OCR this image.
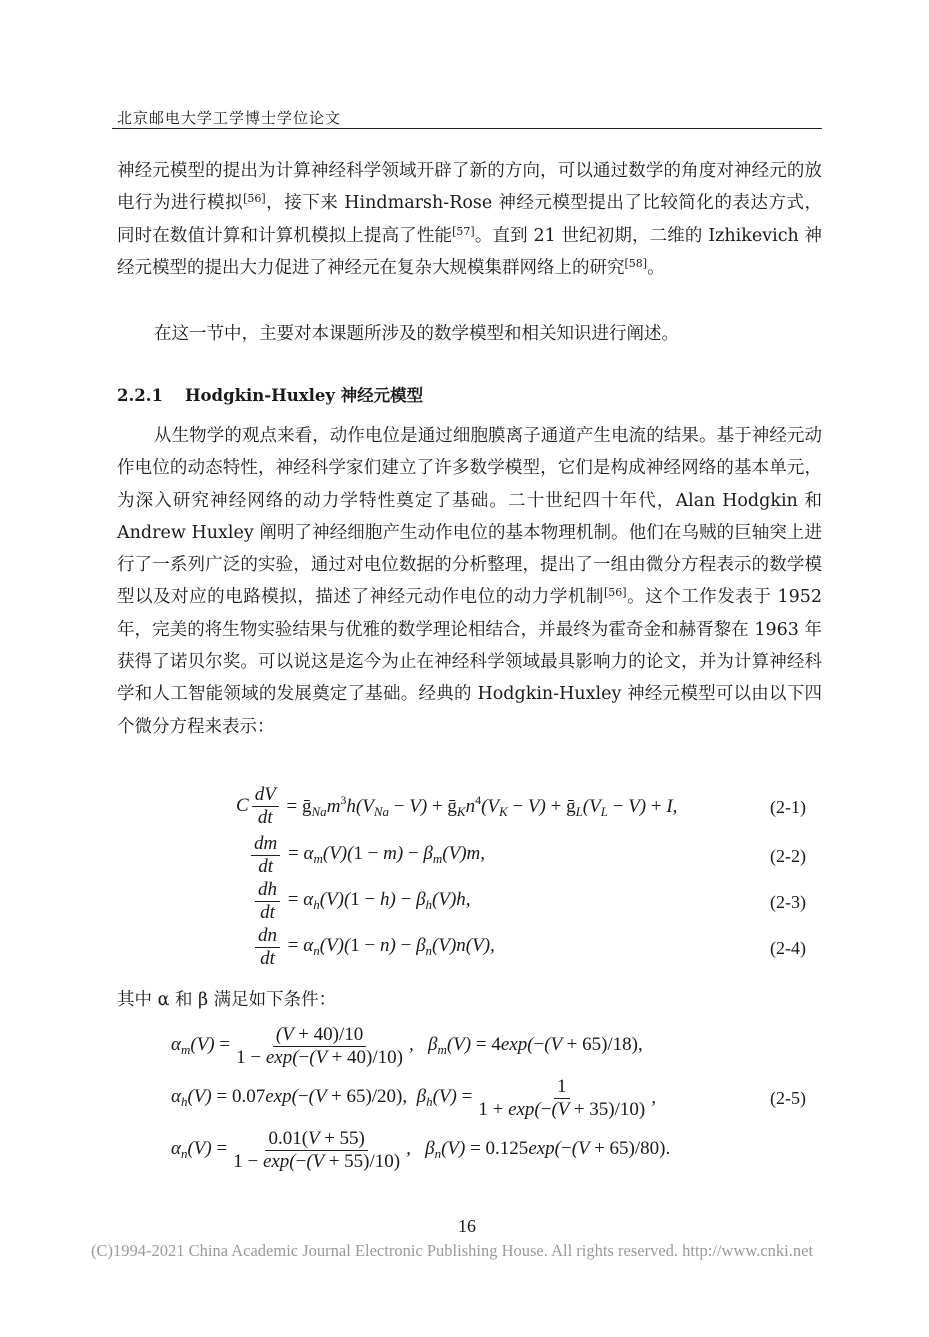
北京邮电大学工学博士学位论文

神经元模型的提出为计算神经科学领域开辟了新的方向，可以通过数学的角度对神经元的放电行为进行模拟[56]，接下来 Hindmarsh-Rose 神经元模型提出了比较简化的表达方式，同时在数值计算和计算机模拟上提高了性能[57]。直到 21 世纪初期，二维的 Izhikevich 神经元模型的提出大力促进了神经元在复杂大规模集群网络上的研究[58]。

在这一节中，主要对本课题所涉及的数学模型和相关知识进行阐述。

2.2.1 Hodgkin-Huxley 神经元模型

从生物学的观点来看，动作电位是通过细胞膜离子通道产生电流的结果。基于神经元动作电位的动态特性，神经科学家们建立了许多数学模型，它们是构成神经网络的基本单元，为深入研究神经网络的动力学特性奠定了基础。二十世纪四十年代，Alan Hodgkin 和 Andrew Huxley 阐明了神经细胞产生动作电位的基本物理机制。他们在乌贼的巨轴突上进行了一系列广泛的实验，通过对电位数据的分析整理，提出了一组由微分方程表示的数学模型以及对应的电路模拟，描述了神经元动作电位的动力学机制[56]。这个工作发表于 1952 年，完美的将生物实验结果与优雅的数学理论相结合，并最终为霍奇金和赫胥黎在 1963 年获得了诺贝尔奖。可以说这是迄今为止在神经科学领域最具影响力的论文，并为计算神经科学和人工智能领域的发展奠定了基础。经典的 Hodgkin-Huxley 神经元模型可以由以下四个微分方程来表示：

C $\frac{dV}{dt}$ = $ḡ_{Na}m^3h(V_{Na} - V)$ + $ḡ_Kn^4(V_K - V)$ + $ḡ_L(V_L - V) + I$,	(2-1)
$\frac{dm}{dt} = \alpha_m(V)(1 - m) - \beta_m(V)m$,	(2-2)
$\frac{dh}{dt} = \alpha_h(V)(1 - h) - \beta_h(V)h$,	(2-3)
$\frac{dn}{dt} = \alpha_n(V)(1 - n) - \beta_n(V)n(V)$,	(2-4)
其中 α 和 β 满足如下条件：
$\alpha_m(V) = \frac{(V + 40)/10}{1 - \exp(-(V + 40)/10)}$ ,   $\beta_m(V) = 4\exp(-(V + 65)/18)$,
$\alpha_h(V) = 0.07\exp(-(V + 65)/20)$,  $\beta_h(V) = \frac{1}{1 + \exp(-(V + 35)/10)}$ ,	(2-5)
$\alpha_n(V) = \frac{0.01(V + 55)}{1 - \exp(-(V + 55)/10)}$ ,   $\beta_n(V) = 0.125\exp(-(V + 65)/80)$.
16
(C)1994-2021 China Academic Journal Electronic Publishing House. All rights reserved. http://www.cnki.net
